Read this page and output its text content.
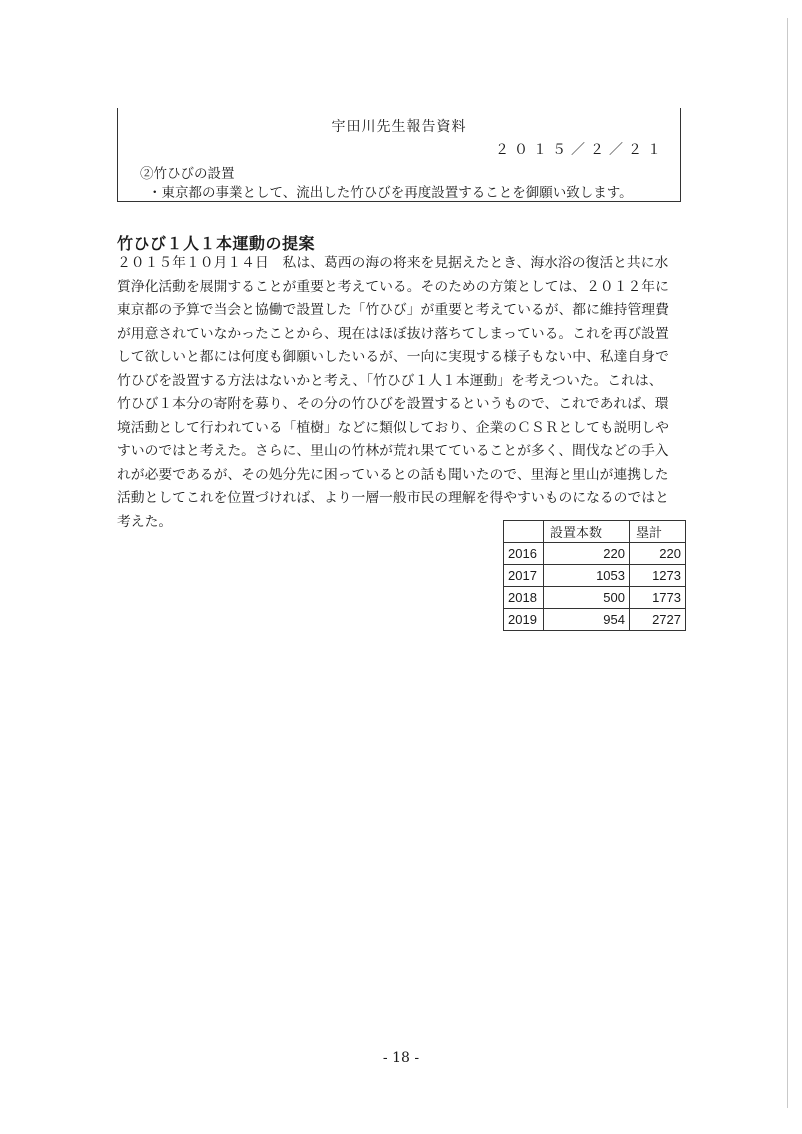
宇田川先生報告資料
２０１５／２／２１
②竹ひびの設置
・東京都の事業として、流出した竹ひびを再度設置することを御願い致します。
竹ひび１人１本運動の提案

２０１５年１０月１４日　私は、葛西の海の将来を見据えたとき、海水浴の復活と共に水

質浄化活動を展開することが重要と考えている。そのための方策としては、２０１２年に

東京都の予算で当会と協働で設置した「竹ひび」が重要と考えているが、都に維持管理費

が用意されていなかったことから、現在はほぼ抜け落ちてしまっている。これを再び設置

して欲しいと都には何度も御願いしたいるが、一向に実現する様子もない中、私達自身で

竹ひびを設置する方法はないかと考え、「竹ひび１人１本運動」を考えついた。これは、

竹ひび１本分の寄附を募り、その分の竹ひびを設置するというもので、これであれば、環

境活動として行われている「植樹」などに類似しており、企業のＣＳＲとしても説明しや

すいのではと考えた。さらに、里山の竹林が荒れ果てていることが多く、間伐などの手入

れが必要であるが、その処分先に困っているとの話も聞いたので、里海と里山が連携した

活動としてこれを位置づければ、より一層一般市民の理解を得やすいものになるのではと

考えた。

	設置本数	塁計
2016	220	220
2017	1053	1273
2018	500	1773
2019	954	2727
- 18 -
